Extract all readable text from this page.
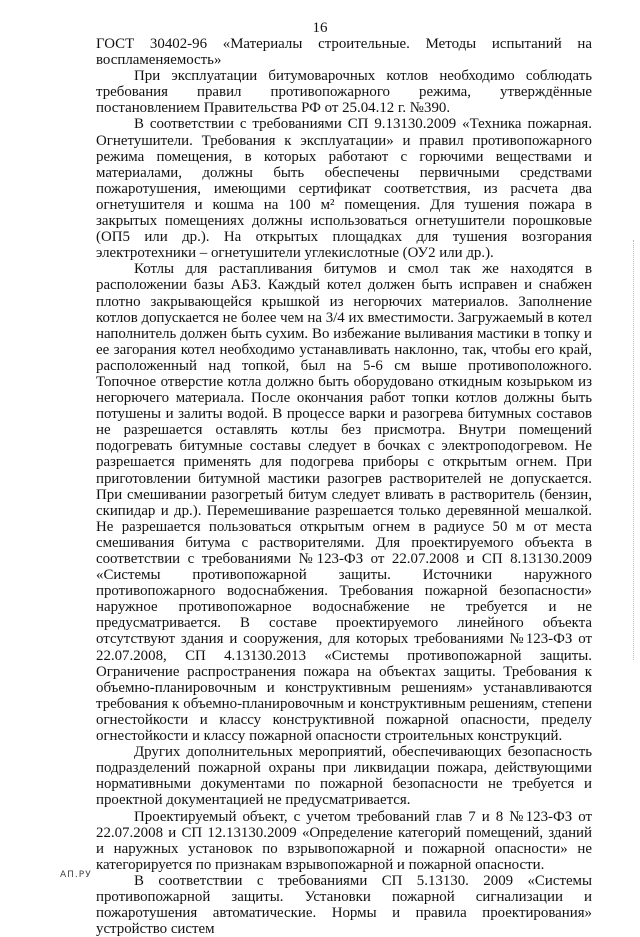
16

ГОСТ 30402-96 «Материалы строительные. Методы испытаний на воспламеняемость»

При эксплуатации битумоварочных котлов необходимо соблюдать требования правил противопожарного режима, утверждённые постановлением Правительства РФ от 25.04.12 г. №390.

В соответствии с требованиями СП 9.13130.2009 «Техника пожарная. Огнетушители. Требования к эксплуатации» и правил противопожарного режима помещения, в которых работают с горючими веществами и материалами, должны быть обеспечены первичными средствами пожаротушения, имеющими сертификат соответствия, из расчета два огнетушителя и кошма на 100 м² помещения. Для тушения пожара в закрытых помещениях должны использоваться огнетушители порошковые (ОП5 или др.). На открытых площадках для тушения возгорания электротехники – огнетушители углекислотные (ОУ2 или др.).

Котлы для растапливания битумов и смол так же находятся в расположении базы АБЗ. Каждый котел должен быть исправен и снабжен плотно закрывающейся крышкой из негорючих материалов. Заполнение котлов допускается не более чем на 3/4 их вместимости. Загружаемый в котел наполнитель должен быть сухим. Во избежание выливания мастики в топку и ее загорания котел необходимо устанавливать наклонно, так, чтобы его край, расположенный над топкой, был на 5-6 см выше противоположного. Топочное отверстие котла должно быть оборудовано откидным козырьком из негорючего материала. После окончания работ топки котлов должны быть потушены и залиты водой. В процессе варки и разогрева битумных составов не разрешается оставлять котлы без присмотра. Внутри помещений подогревать битумные составы следует в бочках с электроподогревом. Не разрешается применять для подогрева приборы с открытым огнем. При приготовлении битумной мастики разогрев растворителей не допускается. При смешивании разогретый битум следует вливать в растворитель (бензин, скипидар и др.). Перемешивание разрешается только деревянной мешалкой. Не разрешается пользоваться открытым огнем в радиусе 50 м от места смешивания битума с растворителями. Для проектируемого объекта в соответствии с требованиями №123-ФЗ от 22.07.2008 и СП 8.13130.2009 «Системы противопожарной защиты. Источники наружного противопожарного водоснабжения. Требования пожарной безопасности» наружное противопожарное водоснабжение не требуется и не предусматривается. В составе проектируемого линейного объекта отсутствуют здания и сооружения, для которых требованиями №123-ФЗ от 22.07.2008, СП 4.13130.2013 «Системы противопожарной защиты. Ограничение распространения пожара на объектах защиты. Требования к объемно-планировочным и конструктивным решениям» устанавливаются требования к объемно-планировочным и конструктивным решениям, степени огнестойкости и классу конструктивной пожарной опасности, пределу огнестойкости и классу пожарной опасности строительных конструкций.

Других дополнительных мероприятий, обеспечивающих безопасность подразделений пожарной охраны при ликвидации пожара, действующими нормативными документами по пожарной безопасности не требуется и проектной документацией не предусматривается.

Проектируемый объект, с учетом требований глав 7 и 8 №123-ФЗ от 22.07.2008 и СП 12.13130.2009 «Определение категорий помещений, зданий и наружных установок по взрывопожарной и пожарной опасности» не категорируется по признакам взрывопожарной и пожарной опасности.

В соответствии с требованиями СП 5.13130. 2009 «Системы противопожарной защиты. Установки пожарной сигнализации и пожаротушения автоматические. Нормы и правила проектирования» устройство систем

АП.РУ
